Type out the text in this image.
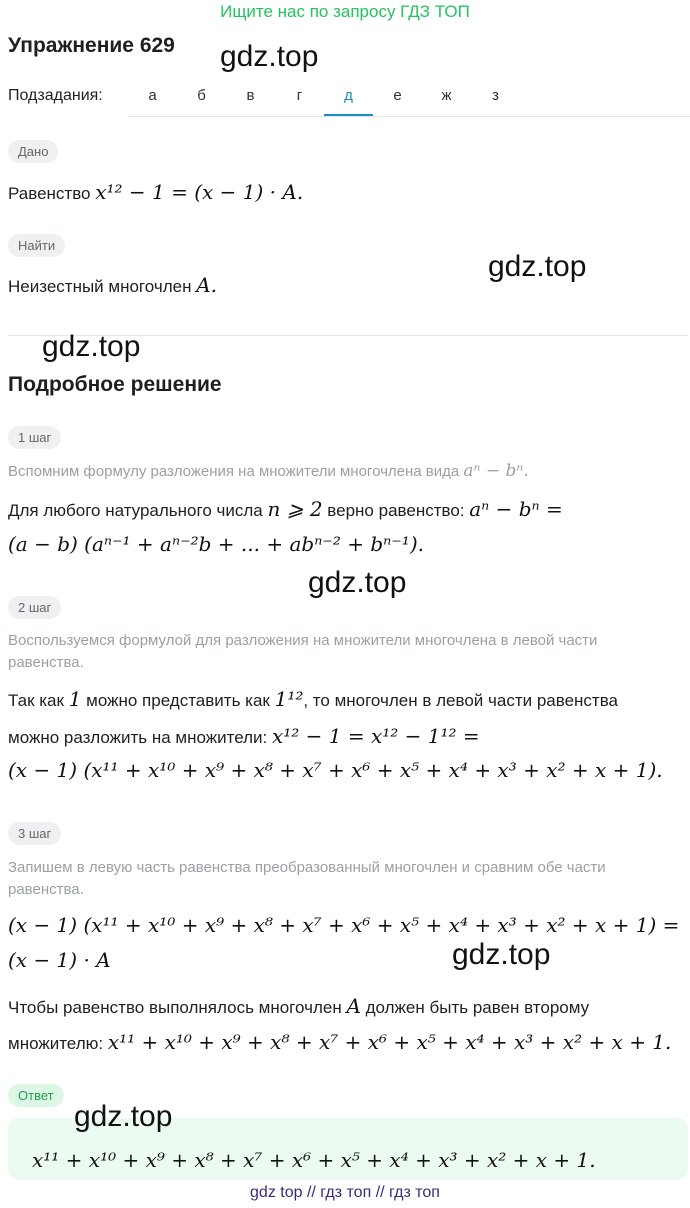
Ищите нас по запросу ГДЗ ТОП
Упражнение 629 gdz.top
Подзадания:	а	б	в	г	д	е	ж	з
Дано
Равенство x¹² − 1 = (x − 1) · A.
Найти
Неизестный многочлен A.
gdz.top
gdz.top
Подробное решение
1 шаг
Вспомним формулу разложения на множители многочлена вида aⁿ − bⁿ.
Для любого натурального числа n ⩾ 2 верно равенство: aⁿ − bⁿ =
(a − b) (aⁿ⁻¹ + aⁿ⁻²b + ... + abⁿ⁻² + bⁿ⁻¹).
gdz.top
2 шаг
Воспользуемся формулой для разложения на множители многочлена в левой части
равенства.
Так как 1 можно представить как 1¹², то многочлен в левой части равенства
можно разложить на множители: x¹² − 1 = x¹² − 1¹² =
(x − 1) (x¹¹ + x¹⁰ + x⁹ + x⁸ + x⁷ + x⁶ + x⁵ + x⁴ + x³ + x² + x + 1).
3 шаг
Запишем в левую часть равенства преобразованный многочлен и сравним обе части
равенства.
(x − 1) (x¹¹ + x¹⁰ + x⁹ + x⁸ + x⁷ + x⁶ + x⁵ + x⁴ + x³ + x² + x + 1) =
(x − 1) · A	gdz.top
Чтобы равенство выполнялось многочлен A должен быть равен второму
множителю: x¹¹ + x¹⁰ + x⁹ + x⁸ + x⁷ + x⁶ + x⁵ + x⁴ + x³ + x² + x + 1.
Ответ
x¹¹ + x¹⁰ + x⁹ + x⁸ + x⁷ + x⁶ + x⁵ + x⁴ + x³ + x² + x + 1.
gdz.top
gdz top // гдз топ // гдз топ
